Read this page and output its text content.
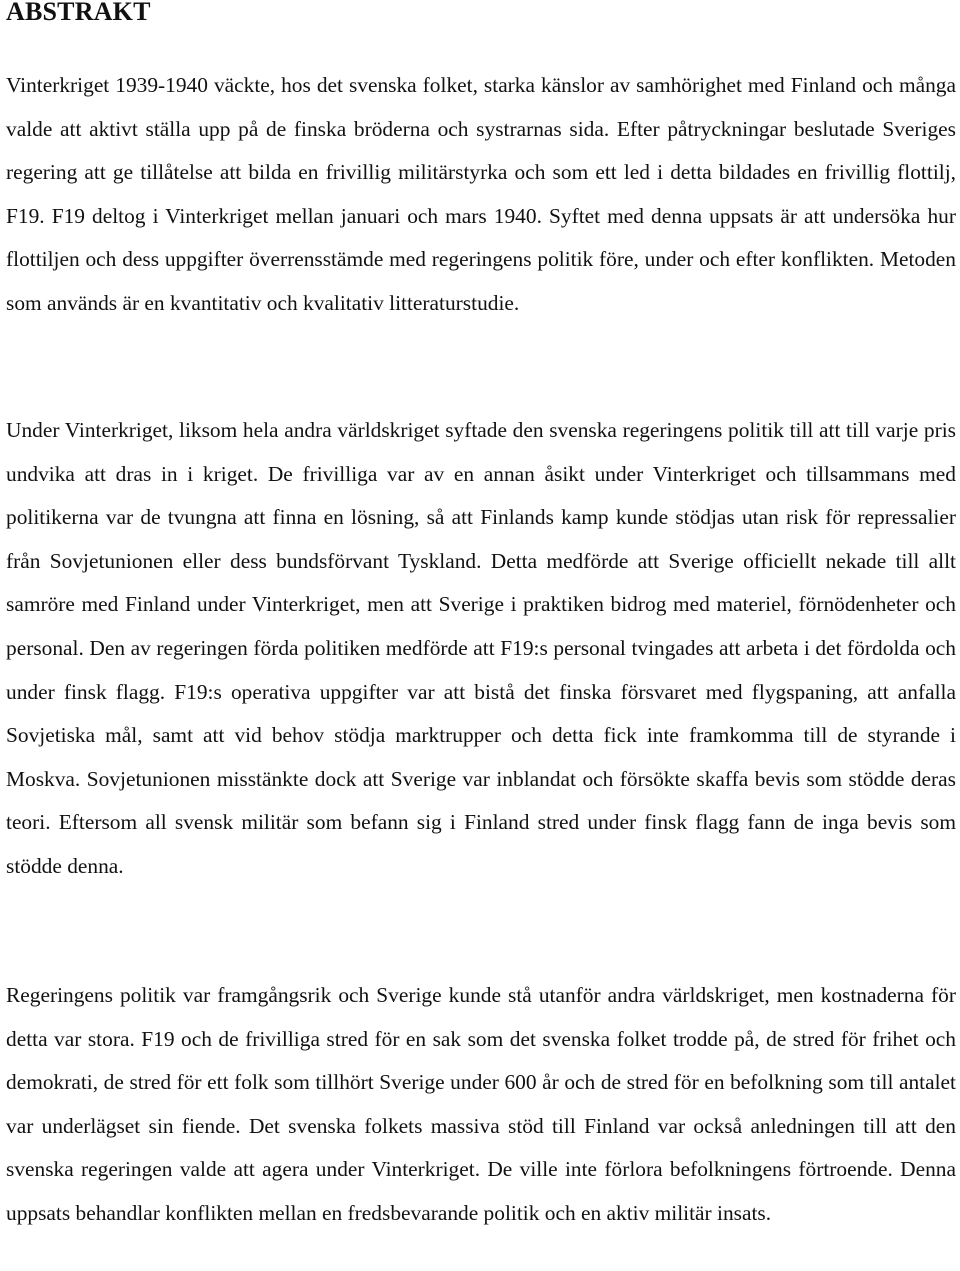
ABSTRAKT

Vinterkriget 1939-1940 väckte, hos det svenska folket, starka känslor av samhörighet med Finland och många valde att aktivt ställa upp på de finska bröderna och systrarnas sida. Efter påtryckningar beslutade Sveriges regering att ge tillåtelse att bilda en frivillig militärstyrka och som ett led i detta bildades en frivillig flottilj, F19. F19 deltog i Vinterkriget mellan januari och mars 1940. Syftet med denna uppsats är att undersöka hur flottiljen och dess uppgifter överrensstämde med regeringens politik före, under och efter konflikten. Metoden som används är en kvantitativ och kvalitativ litteraturstudie.

Under Vinterkriget, liksom hela andra världskriget syftade den svenska regeringens politik till att till varje pris undvika att dras in i kriget. De frivilliga var av en annan åsikt under Vinterkriget och tillsammans med politikerna var de tvungna att finna en lösning, så att Finlands kamp kunde stödjas utan risk för repressalier från Sovjetunionen eller dess bundsförvant Tyskland. Detta medförde att Sverige officiellt nekade till allt samröre med Finland under Vinterkriget, men att Sverige i praktiken bidrog med materiel, förnödenheter och personal. Den av regeringen förda politiken medförde att F19:s personal tvingades att arbeta i det fördolda och under finsk flagg. F19:s operativa uppgifter var att bistå det finska försvaret med flygspaning, att anfalla Sovjetiska mål, samt att vid behov stödja marktrupper och detta fick inte framkomma till de styrande i Moskva. Sovjetunionen misstänkte dock att Sverige var inblandat och försökte skaffa bevis som stödde deras teori. Eftersom all svensk militär som befann sig i Finland stred under finsk flagg fann de inga bevis som stödde denna.

Regeringens politik var framgångsrik och Sverige kunde stå utanför andra världskriget, men kostnaderna för detta var stora. F19 och de frivilliga stred för en sak som det svenska folket trodde på, de stred för frihet och demokrati, de stred för ett folk som tillhört Sverige under 600 år och de stred för en befolkning som till antalet var underlägset sin fiende. Det svenska folkets massiva stöd till Finland var också anledningen till att den svenska regeringen valde att agera under Vinterkriget. De ville inte förlora befolkningens förtroende. Denna uppsats behandlar konflikten mellan en fredsbevarande politik och en aktiv militär insats.
